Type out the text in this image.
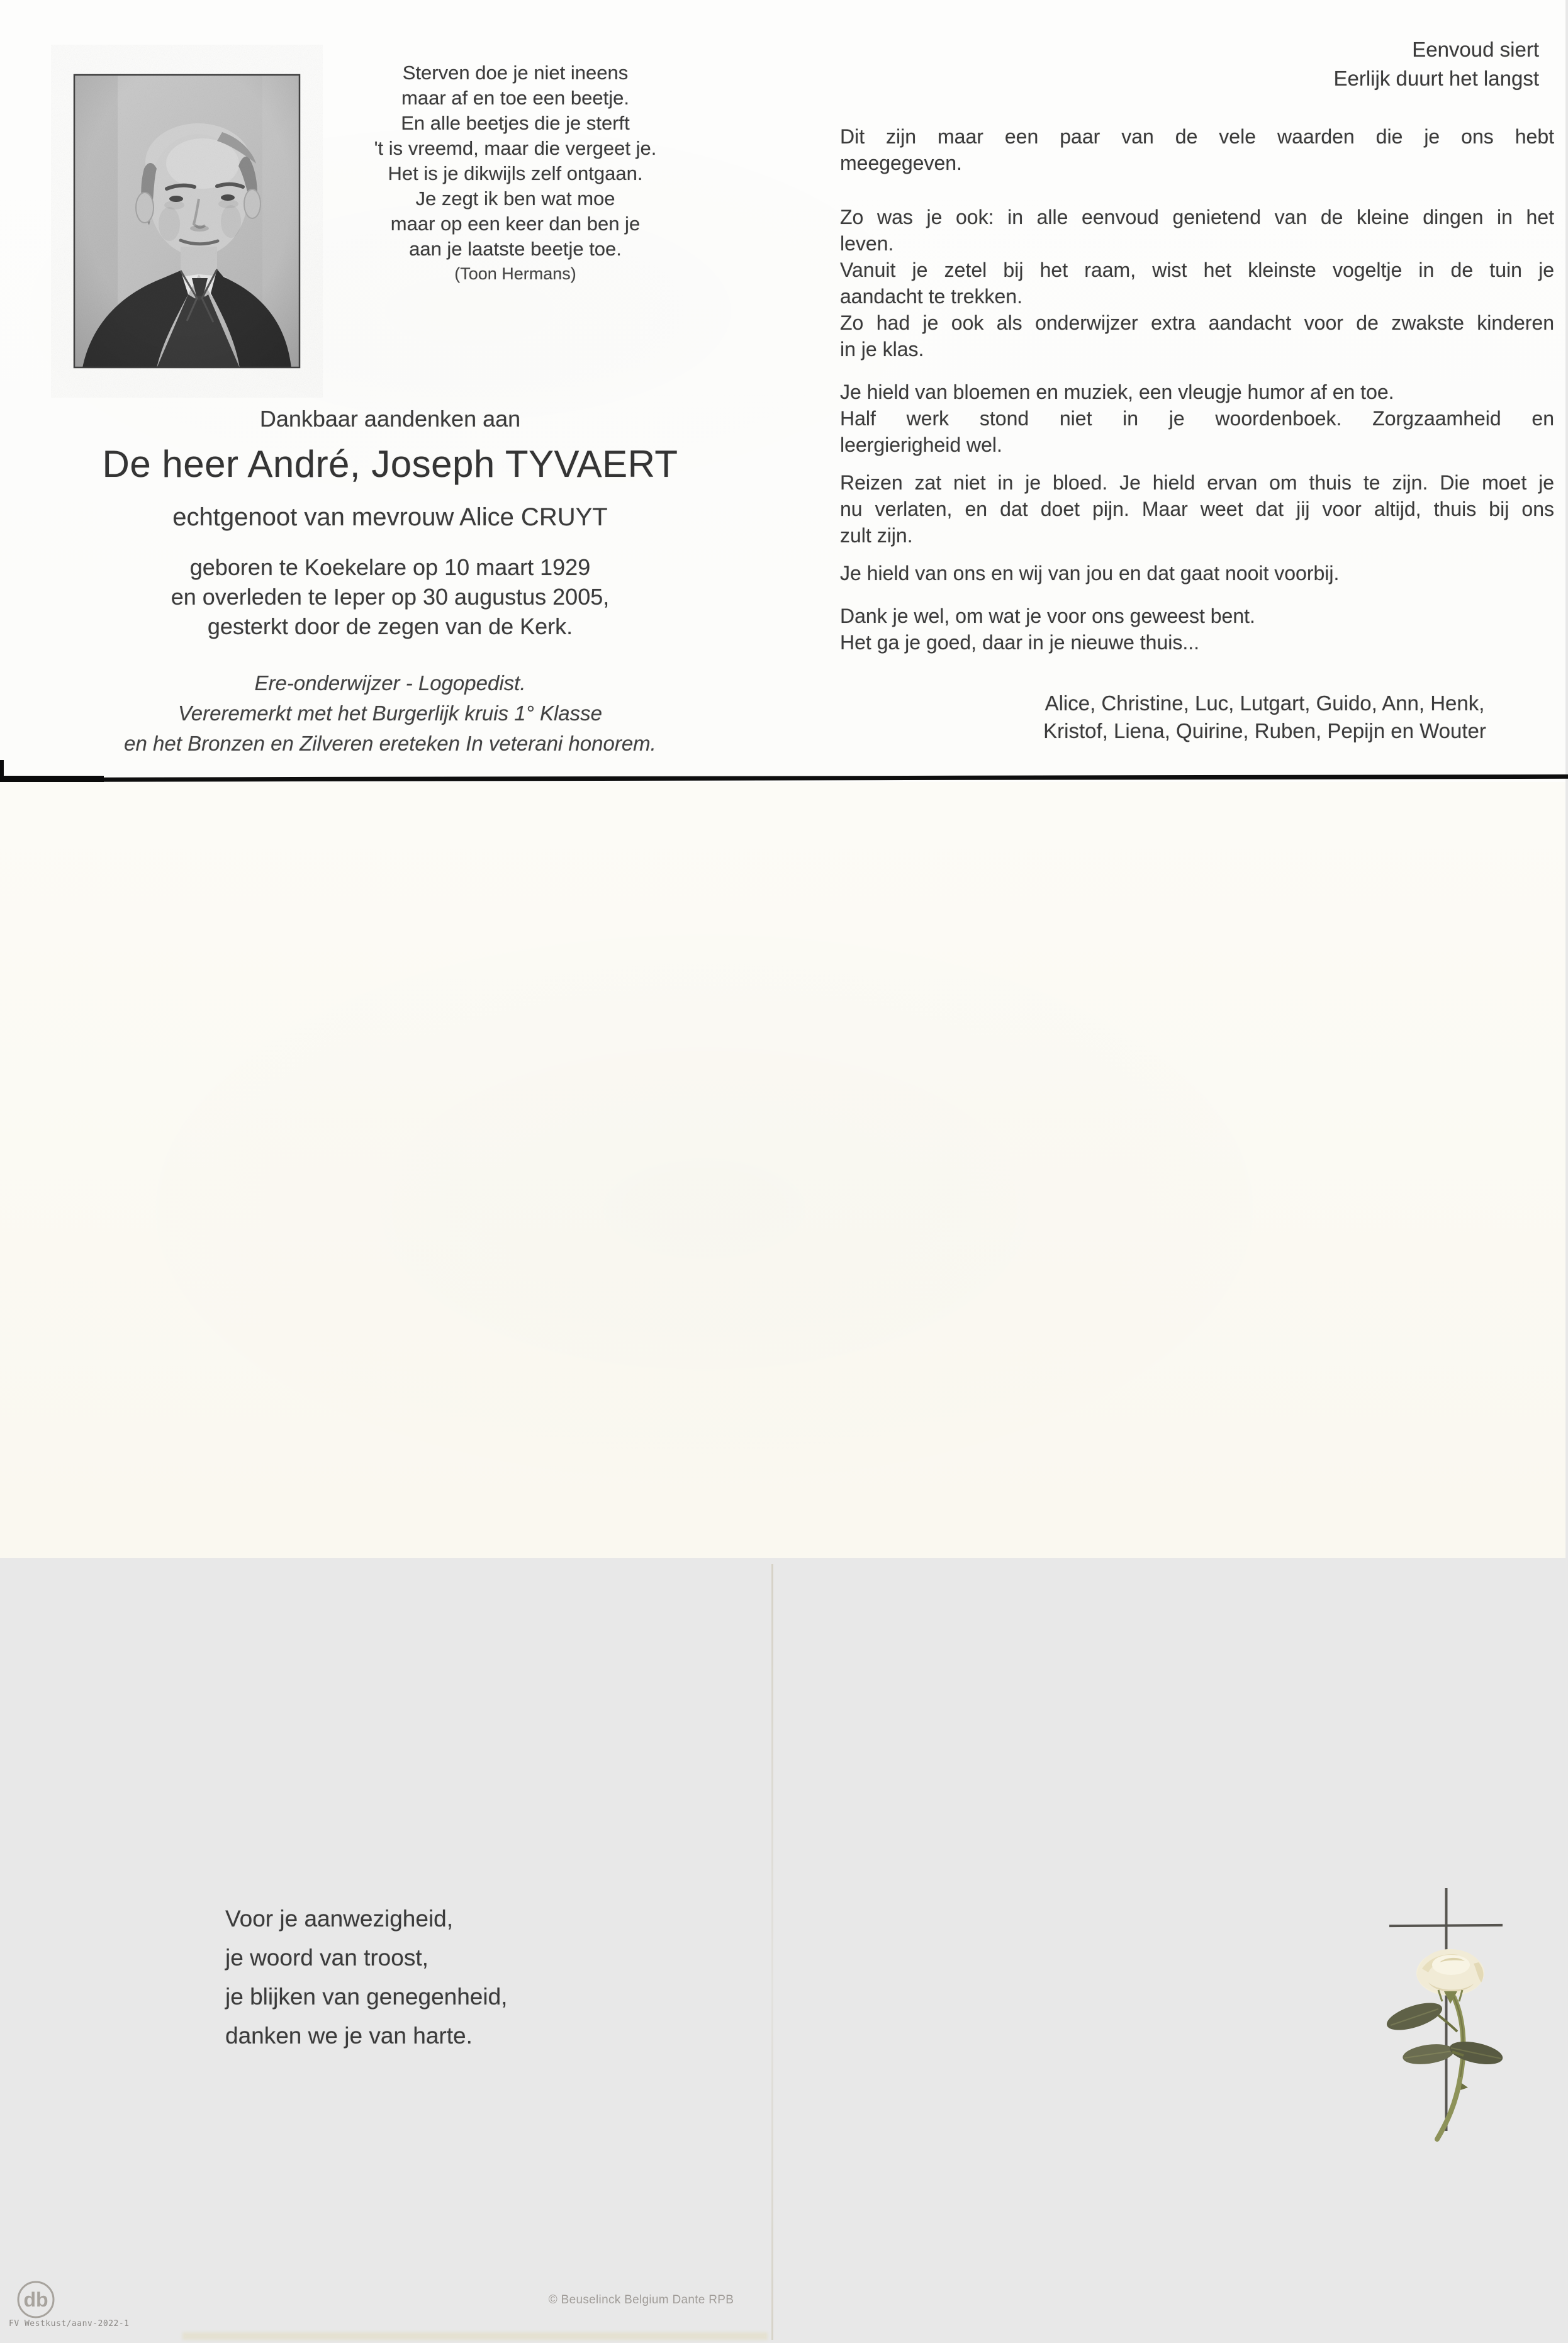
Sterven doe je niet ineens
maar af en toe een beetje.
En alle beetjes die je sterft
't is vreemd, maar die vergeet je.
Het is je dikwijls zelf ontgaan.
Je zegt ik ben wat moe
maar op een keer dan ben je
aan je laatste beetje toe.
(Toon Hermans)
Dankbaar aandenken aan
De heer André, Joseph TYVAERT
echtgenoot van mevrouw Alice CRUYT
geboren te Koekelare op 10 maart 1929
en overleden te Ieper op 30 augustus 2005,
gesterkt door de zegen van de Kerk.
Ere-onderwijzer - Logopedist.
Vereremerkt met het Burgerlijk kruis 1° Klasse
en het Bronzen en Zilveren ereteken In veterani honorem.
Eenvoud siert
Eerlijk duurt het langst
Dit zijn maar een paar van de vele waarden die je ons hebt
meegegeven.
Zo was je ook: in alle eenvoud genietend van de kleine dingen in het
leven.
Vanuit je zetel bij het raam, wist het kleinste vogeltje in de tuin je
aandacht te trekken.
Zo had je ook als onderwijzer extra aandacht voor de zwakste kinderen
in je klas.
Je hield van bloemen en muziek, een vleugje humor af en toe.
Half werk stond niet in je woordenboek. Zorgzaamheid en
leergierigheid wel.
Reizen zat niet in je bloed. Je hield ervan om thuis te zijn. Die moet je
nu verlaten, en dat doet pijn. Maar weet dat jij voor altijd, thuis bij ons
zult zijn.
Je hield van ons en wij van jou en dat gaat nooit voorbij.
Dank je wel, om wat je voor ons geweest bent.
Het ga je goed, daar in je nieuwe thuis...
Alice, Christine, Luc, Lutgart, Guido, Ann, Henk,
Kristof, Liena, Quirine, Ruben, Pepijn en Wouter
Voor je aanwezigheid,
je woord van troost,
je blijken van genegenheid,
danken we je van harte.
db
FV Westkust/aanv-2022-1
© Beuselinck Belgium Dante RPB
